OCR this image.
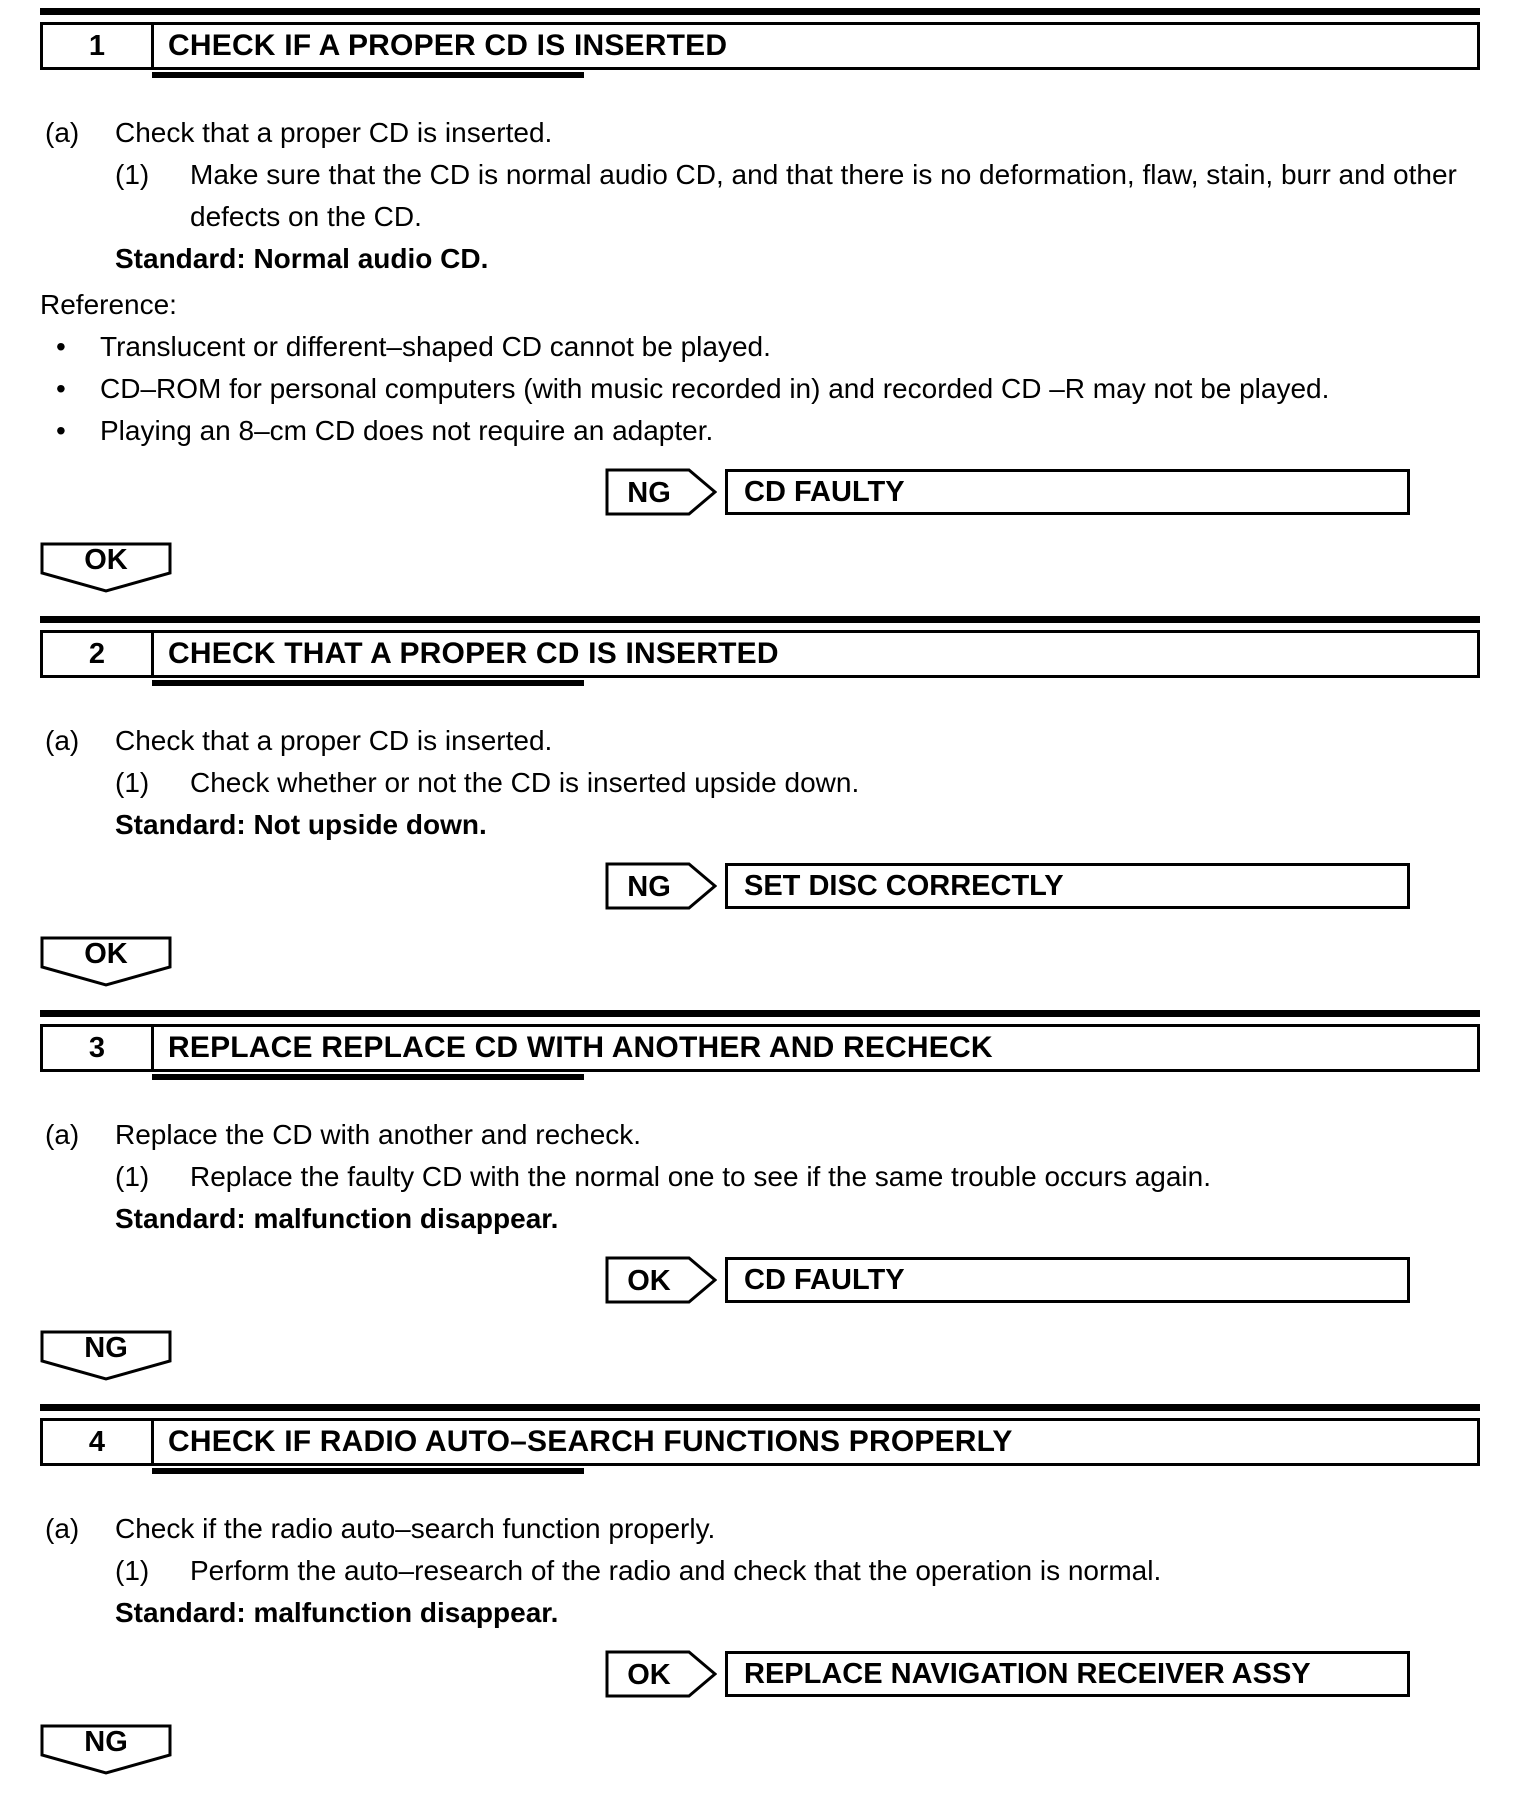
1	CHECK IF A PROPER CD IS INSERTED
(a)	Check that a proper CD is inserted.
(1)	Make sure that the CD is normal audio CD, and that there is no deformation, flaw, stain, burr and other defects on the CD.
Standard: Normal audio CD.
Reference:
•	Translucent or different–shaped CD cannot be played.
•	CD–ROM for personal computers (with music recorded in) and recorded CD –R may not be played.
•	Playing an 8–cm CD does not require an adapter.
NG	CD FAULTY
OK
2	CHECK THAT A PROPER CD IS INSERTED
(a)	Check that a proper CD is inserted.
(1)	Check whether or not the CD is inserted upside down.
Standard: Not upside down.
NG	SET DISC CORRECTLY
OK
3	REPLACE REPLACE CD WITH ANOTHER AND RECHECK
(a)	Replace the CD with another and recheck.
(1)	Replace the faulty CD with the normal one to see if the same trouble occurs again.
Standard: malfunction disappear.
OK	CD FAULTY
NG
4	CHECK IF RADIO AUTO–SEARCH FUNCTIONS PROPERLY
(a)	Check if the radio auto–search function properly.
(1)	Perform the auto–research of the radio and check that the operation is normal.
Standard: malfunction disappear.
OK	REPLACE NAVIGATION RECEIVER ASSY
NG
